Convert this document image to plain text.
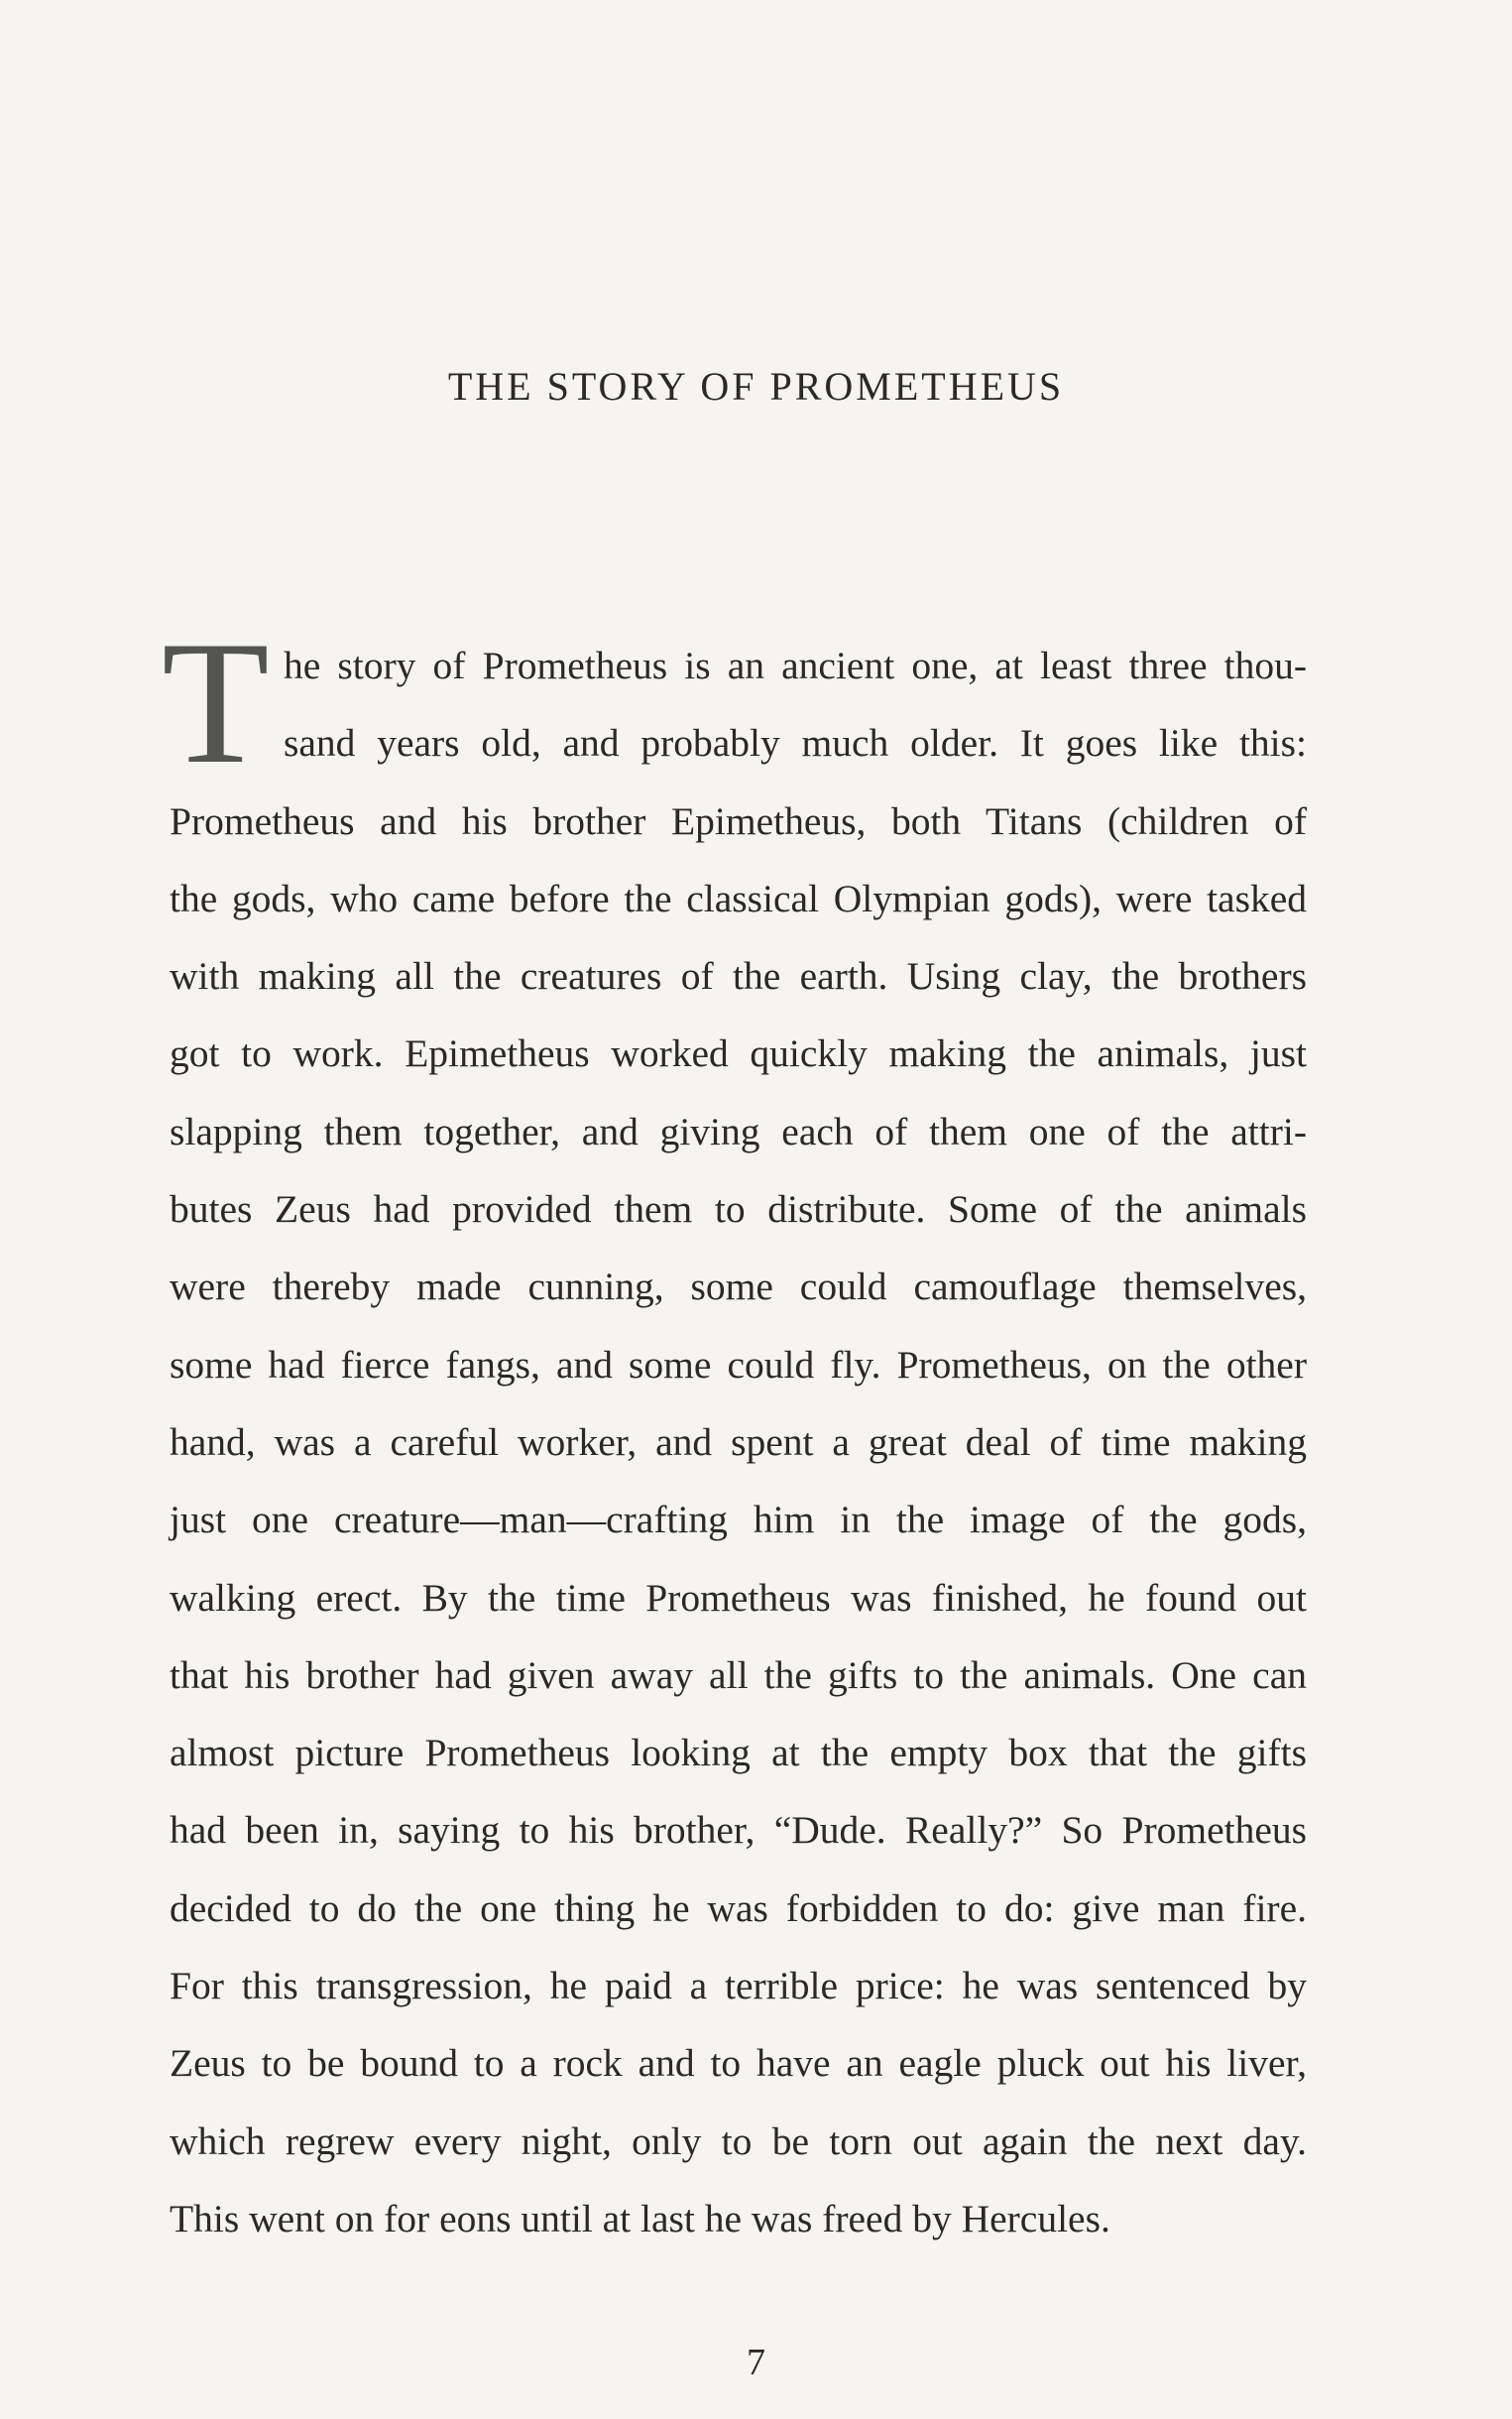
THE STORY OF PROMETHEUS
T he story of Prometheus is an ancient one, at least three thou-
sand years old, and probably much older. It goes like this:
Prometheus and his brother Epimetheus, both Titans (children of
the gods, who came before the classical Olympian gods), were tasked
with making all the creatures of the earth. Using clay, the brothers
got to work. Epimetheus worked quickly making the animals, just
slapping them together, and giving each of them one of the attri-
butes Zeus had provided them to distribute. Some of the animals
were thereby made cunning, some could camouflage themselves,
some had fierce fangs, and some could fly. Prometheus, on the other
hand, was a careful worker, and spent a great deal of time making
just one creature—man—crafting him in the image of the gods,
walking erect. By the time Prometheus was finished, he found out
that his brother had given away all the gifts to the animals. One can
almost picture Prometheus looking at the empty box that the gifts
had been in, saying to his brother, “Dude. Really?” So Prometheus
decided to do the one thing he was forbidden to do: give man fire.
For this transgression, he paid a terrible price: he was sentenced by
Zeus to be bound to a rock and to have an eagle pluck out his liver,
which regrew every night, only to be torn out again the next day.
This went on for eons until at last he was freed by Hercules.
7
